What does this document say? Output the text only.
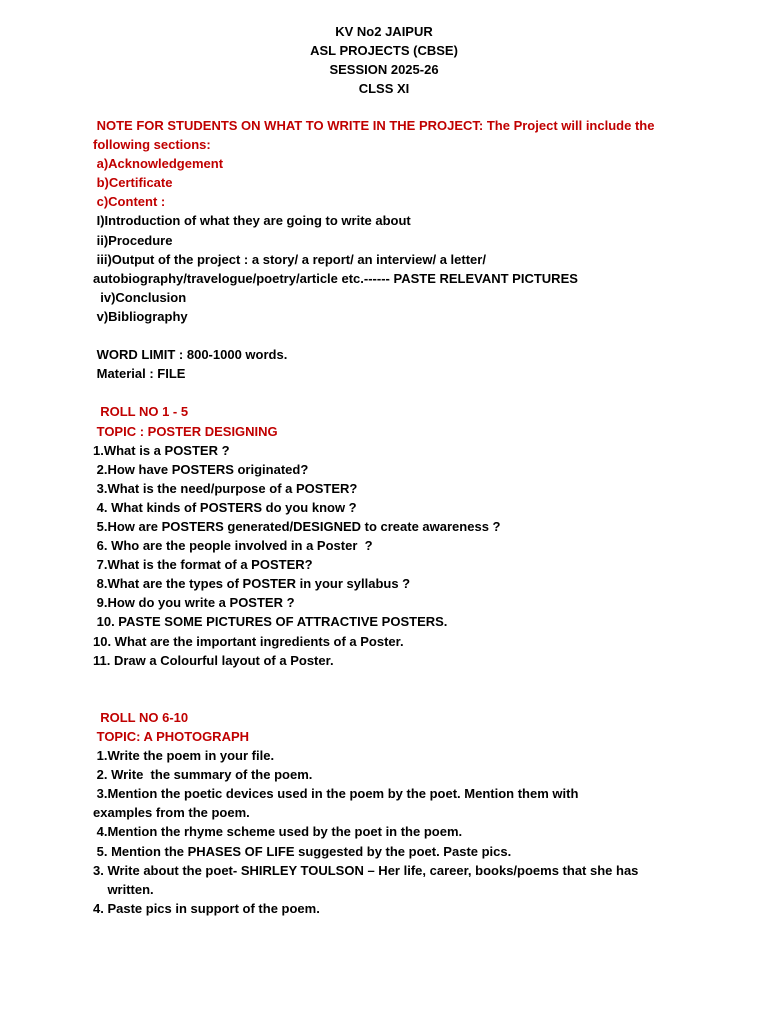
KV No2 JAIPUR
ASL PROJECTS (CBSE)
SESSION 2025-26
CLSS XI
NOTE FOR STUDENTS ON WHAT TO WRITE IN THE PROJECT: The Project will include the
following sections:
a)Acknowledgement
b)Certificate
c)Content :
I)Introduction of what they are going to write about
ii)Procedure
iii)Output of the project : a story/ a report/ an interview/ a letter/
autobiography/travelogue/poetry/article etc.------ PASTE RELEVANT PICTURES
iv)Conclusion
v)Bibliography
WORD LIMIT : 800-1000 words.
Material : FILE
ROLL NO 1 - 5
TOPIC : POSTER DESIGNING
1.What is a POSTER ?
2.How have POSTERS originated?
3.What is the need/purpose of a POSTER?
4. What kinds of POSTERS do you know ?
5.How are POSTERS generated/DESIGNED to create awareness ?
6. Who are the people involved in a Poster  ?
7.What is the format of a POSTER?
8.What are the types of POSTER in your syllabus ?
9.How do you write a POSTER ?
10. PASTE SOME PICTURES OF ATTRACTIVE POSTERS.
10. What are the important ingredients of a Poster.
11. Draw a Colourful layout of a Poster.
ROLL NO 6-10
TOPIC: A PHOTOGRAPH
1.Write the poem in your file.
2. Write  the summary of the poem.
3.Mention the poetic devices used in the poem by the poet. Mention them with
examples from the poem.
4.Mention the rhyme scheme used by the poet in the poem.
5. Mention the PHASES OF LIFE suggested by the poet. Paste pics.
3. Write about the poet- SHIRLEY TOULSON – Her life, career, books/poems that she has
written.
4. Paste pics in support of the poem.
